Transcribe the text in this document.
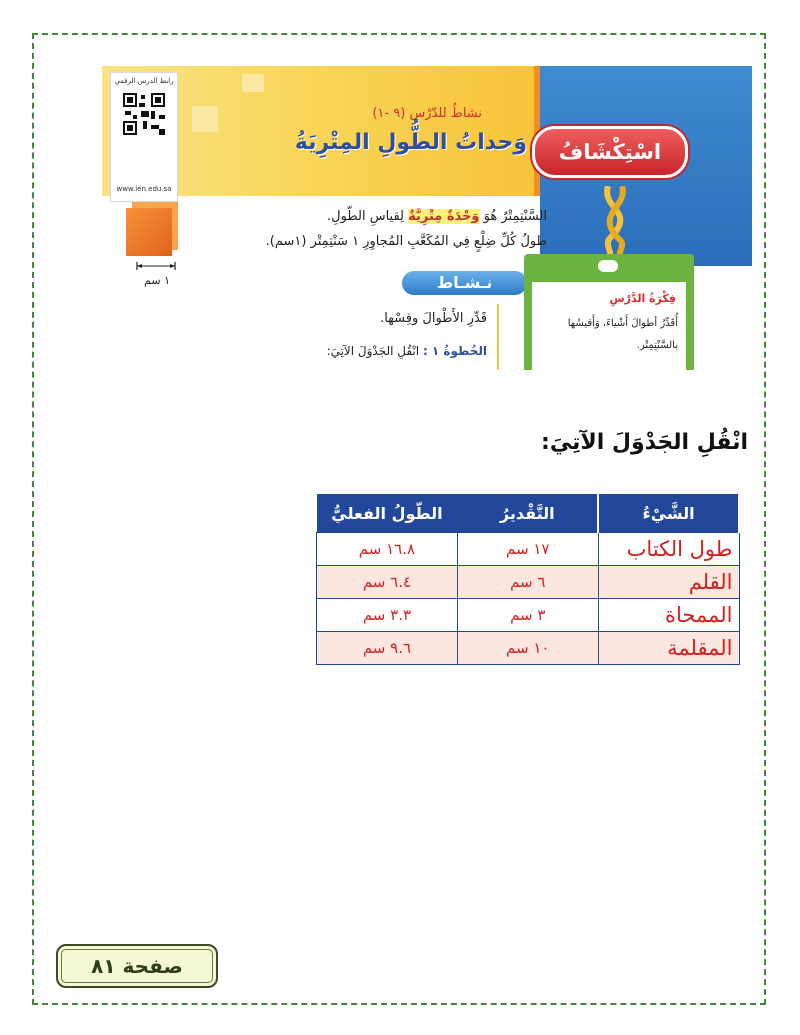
رابط الدرس الرقمي
www.ien.edu.sa
نشاطُ للدّرْس (٩ -١)
وَحداتُ الطُّولِ المِتْرِيَةُ	اسْتِكْشَافُ
١ سم
السَّنْتِمِتْرُ هُوَ وَحْدَةٌ مِتْرِيَّةٌ لِقياسِ الطّولِ.
طولُ كُلِّ ضِلْعٍ فِي المُكَعَّبِ المُجاوِرِ ١ سَنْتِمِتْر (١سم).
نـشـاط
قَدِّرِ الأَطْوالَ وقِسْها.
الخُطوةُ ١ : انْقُلِ الجَدْوَلَ الآتِيَ:
فِكْرَةُ الدَّرْسِ
أُقَدِّرُ أطوالَ أَشْياءَ، وَأَقيسُها
بالسَّنْتِمِتْر.
انْقُلِ الجَدْوَلَ الآتِيَ:
الشَّيْءُ	التَّقْديرُ	الطّولُ الفعليُّ
طول الكتاب	١٧ سم	١٦.٨ سم
القلم	٦ سم	٦.٤ سم
الممحاة	٣ سم	٣.٣ سم
المقلمة	١٠ سم	٩.٦ سم
صفحة ٨١
